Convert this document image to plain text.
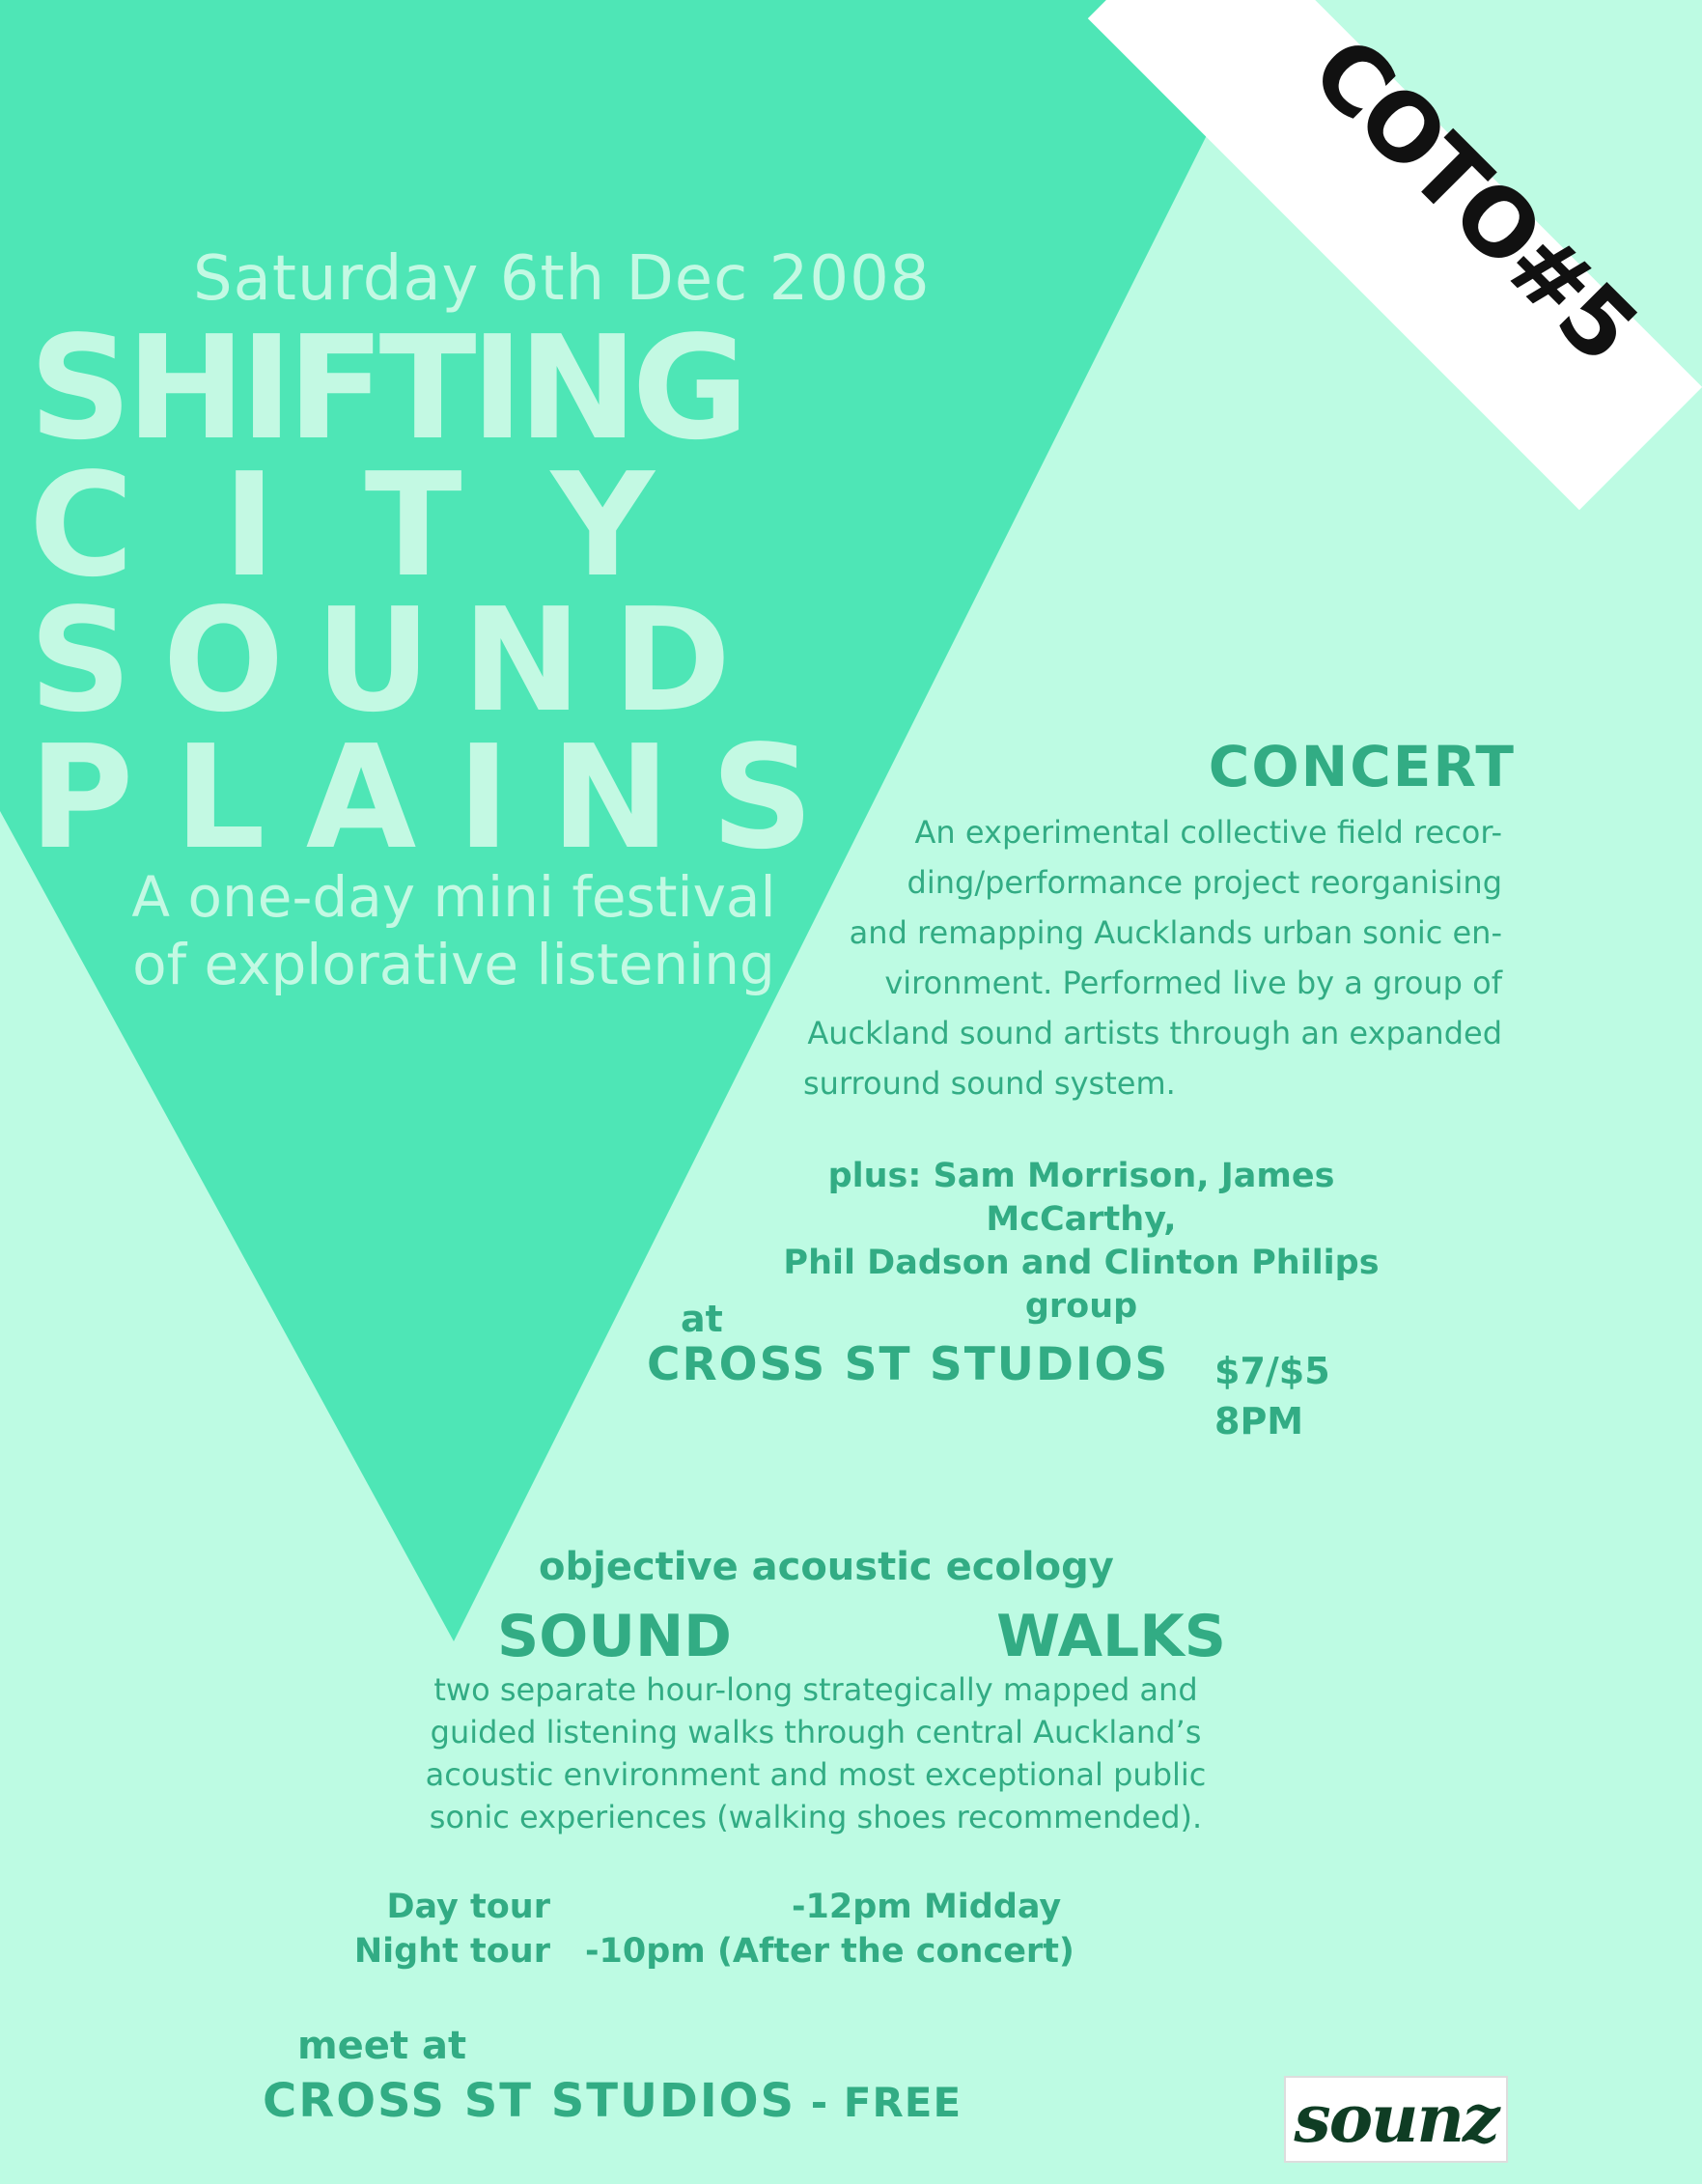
COTO#5

Saturday 6th Dec 2008

SHIFTING
CITY
SOUND
PLAINS
A one-day mini festival
of explorative listening
CONCERT
An experimental collective field recor-
ding/performance project reorganising
and remapping Aucklands urban sonic en-
vironment. Performed live by a group of
Auckland sound artists through an expanded
surround sound system.
plus: Sam Morrison, James McCarthy,
Phil Dadson and Clinton Philips group
at
CROSS ST STUDIOS $7/$5
8PM
objective acoustic ecology
SOUND	WALKS
two separate hour-long strategically mapped and
guided listening walks through central Auckland’s
acoustic environment and most exceptional public
sonic experiences (walking shoes recommended).
Day tour	-12pm Midday
Night tour -10pm (After the concert)
meet at
CROSS ST STUDIOS - FREE	sounz
